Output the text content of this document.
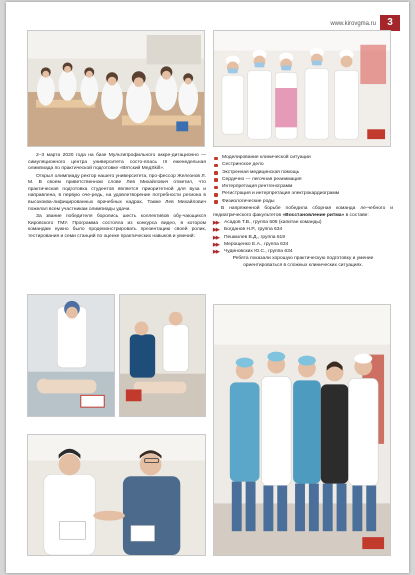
www.kirovgma.ru	3

2–3 марта 2020 года на базе Мультипрофильного аккре-дитационно — симуляционного центра университета состо-ялась III еженедельная олимпиада по практической подготовке «Вятский МедSkill».

Открыл олимпиаду ректор нашего университета, про-фессор Железнов Л. М. В своем приветственном слове Лев Михайлович отметил, что практическая подготовка студентов является приоритетной для вуза и направлена, в первую оче-редь, на удовлетворение потребности региона в высококва-лифицированных врачебных кадрах. Также Лев Михайлович пожелал всем участникам олимпиады удачи.

За звание победителя боролись шесть коллективов обу-чающихся Кировского ГМУ. Программа состояла из конкурса видео, в котором командам нужно было продемонстрировать презентацию своей ролик, тестирования и семи станций по оценке практических навыков и умений:

Моделирование клинической ситуации
Сестринское дело
Экстренная медицинская помощь
Сердечно — легочная реанимация
Интерпретация рентгенограмм
Регистрация и интерпретация электрокардиограмм
Физиологические роды

В напряженной борьбе победила сборная команда ле-чебного и педиатрического факультетов «Восстановление ритма» в составе:

▶▶ Асадов Т.В., группа 605 (капитан команды)
▶▶ Богданов Н.Р., группа 634
▶▶ Пешкилев В.Д., группа 619
▶▶ Мерощенко Е.А., группа 634
▶▶ Чудиновских Ю.С., группа 634

Ребята показали хорошую практическую подготовку и умение ориентироваться в сложных клинических ситуациях.
